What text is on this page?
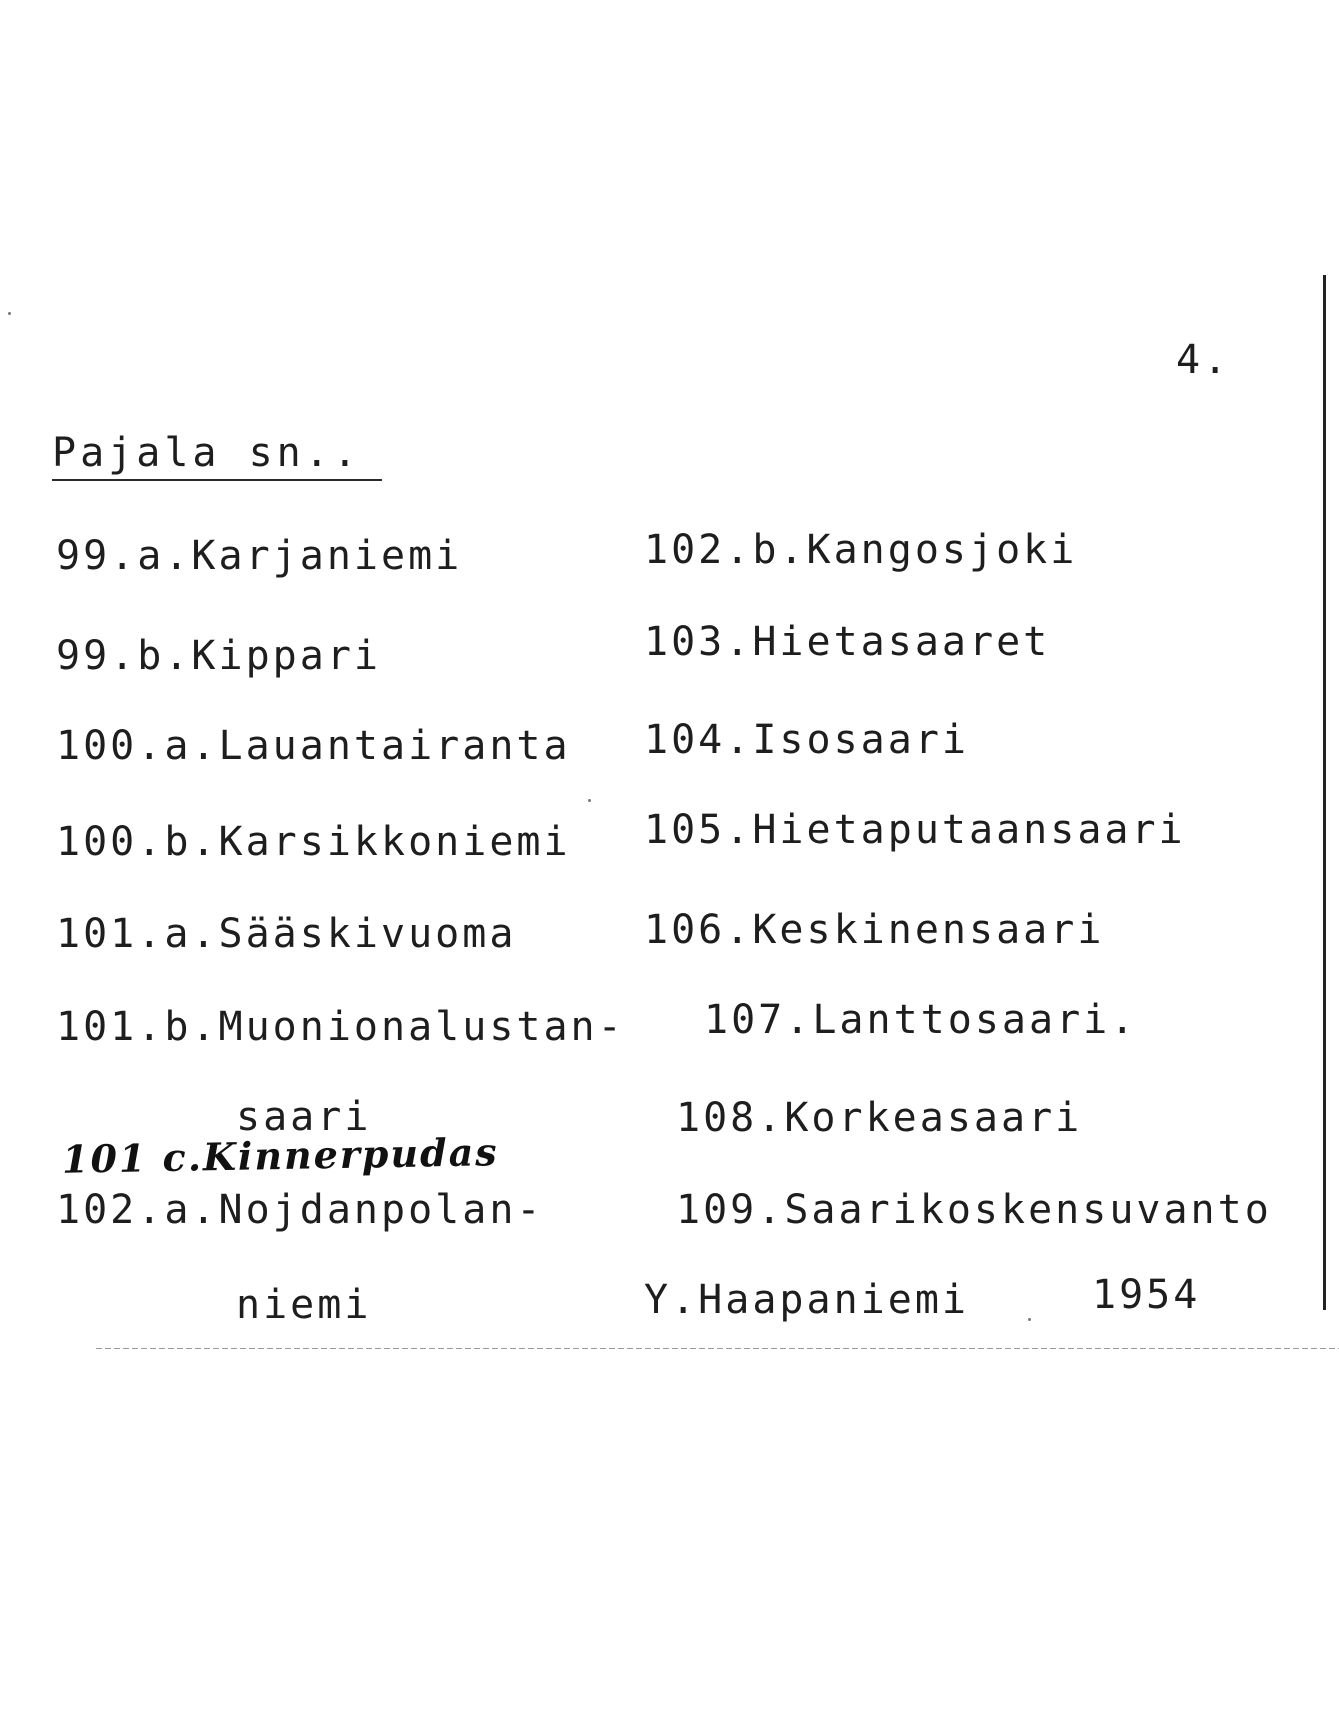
4.
Pajala sn..
99.a.Karjaniemi
99.b.Kippari
100.a.Lauantairanta
100.b.Karsikkoniemi
101.a.Sääskivuoma
101.b.Muonionalustan-
saari
102.a.Nojdanpolan-
niemi
102.b.Kangosjoki
103.Hietasaaret
104.Isosaari
105.Hietaputaansaari
106.Keskinensaari
107.Lanttosaari.
108.Korkeasaari
109.Saarikoskensuvanto
101 c.Kinnerpudas
Y.Haapaniemi	1954
